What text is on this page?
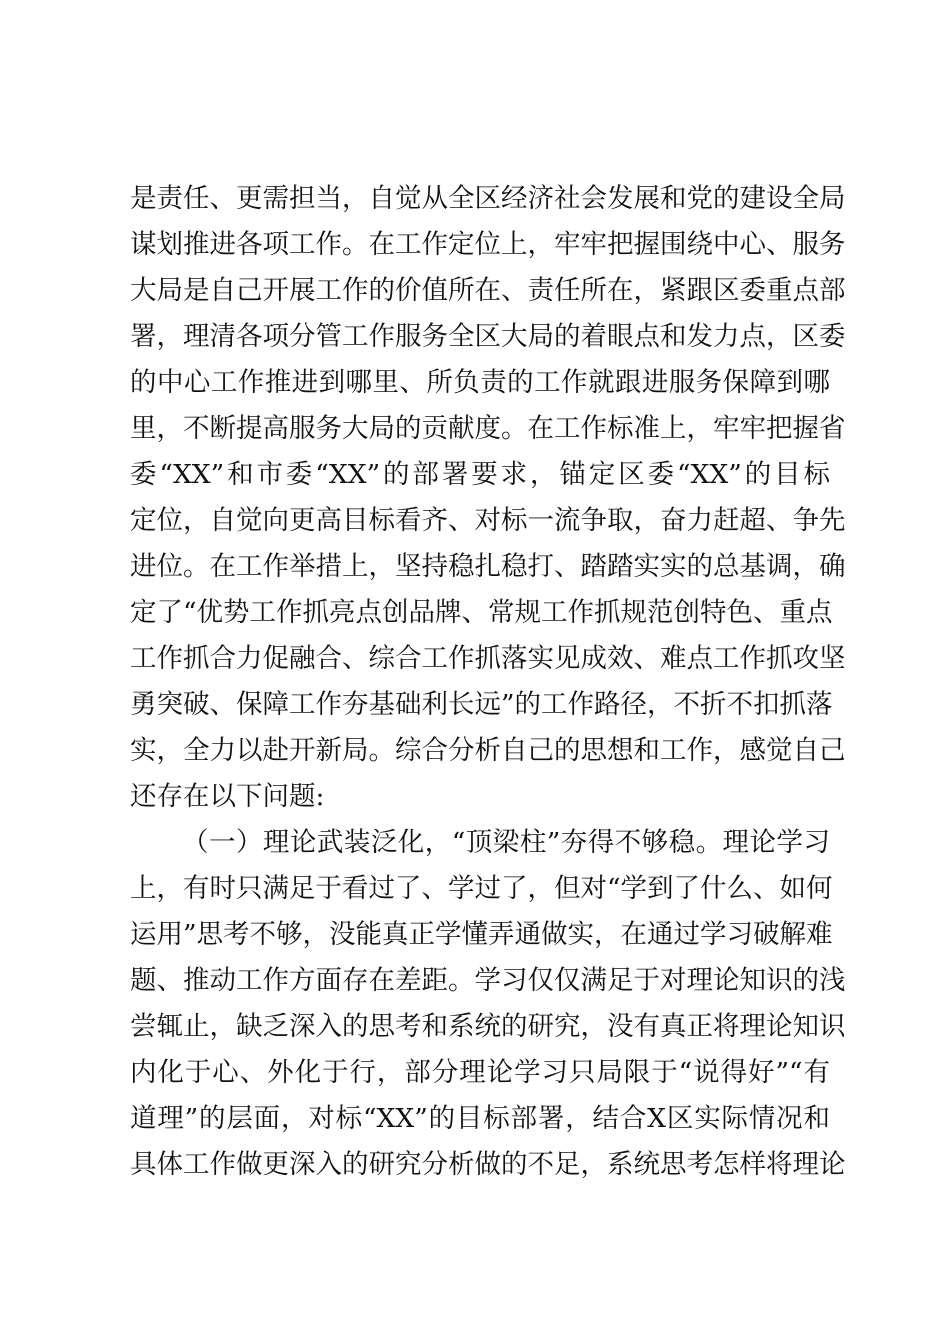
是责任、更需担当，自觉从全区经济社会发展和党的建设全局
谋划推进各项工作。在工作定位上，牢牢把握围绕中心、服务
大局是自己开展工作的价值所在、责任所在，紧跟区委重点部
署，理清各项分管工作服务全区大局的着眼点和发力点，区委
的中心工作推进到哪里、所负责的工作就跟进服务保障到哪
里，不断提高服务大局的贡献度。在工作标准上，牢牢把握省
委“XX”和市委“XX”的部署要求，锚定区委“XX”的目标
定位，自觉向更高目标看齐、对标一流争取，奋力赶超、争先
进位。在工作举措上，坚持稳扎稳打、踏踏实实的总基调，确
定了“优势工作抓亮点创品牌、常规工作抓规范创特色、重点
工作抓合力促融合、综合工作抓落实见成效、难点工作抓攻坚
勇突破、保障工作夯基础利长远”的工作路径，不折不扣抓落
实，全力以赴开新局。综合分析自己的思想和工作，感觉自己
还存在以下问题:
（一）理论武装泛化，“顶梁柱”夯得不够稳。理论学习
上，有时只满足于看过了、学过了，但对“学到了什么、如何
运用”思考不够，没能真正学懂弄通做实，在通过学习破解难
题、推动工作方面存在差距。学习仅仅满足于对理论知识的浅
尝辄止，缺乏深入的思考和系统的研究，没有真正将理论知识
内化于心、外化于行，部分理论学习只局限于“说得好”“有
道理”的层面，对标“XX”的目标部署，结合X区实际情况和
具体工作做更深入的研究分析做的不足，系统思考怎样将理论
